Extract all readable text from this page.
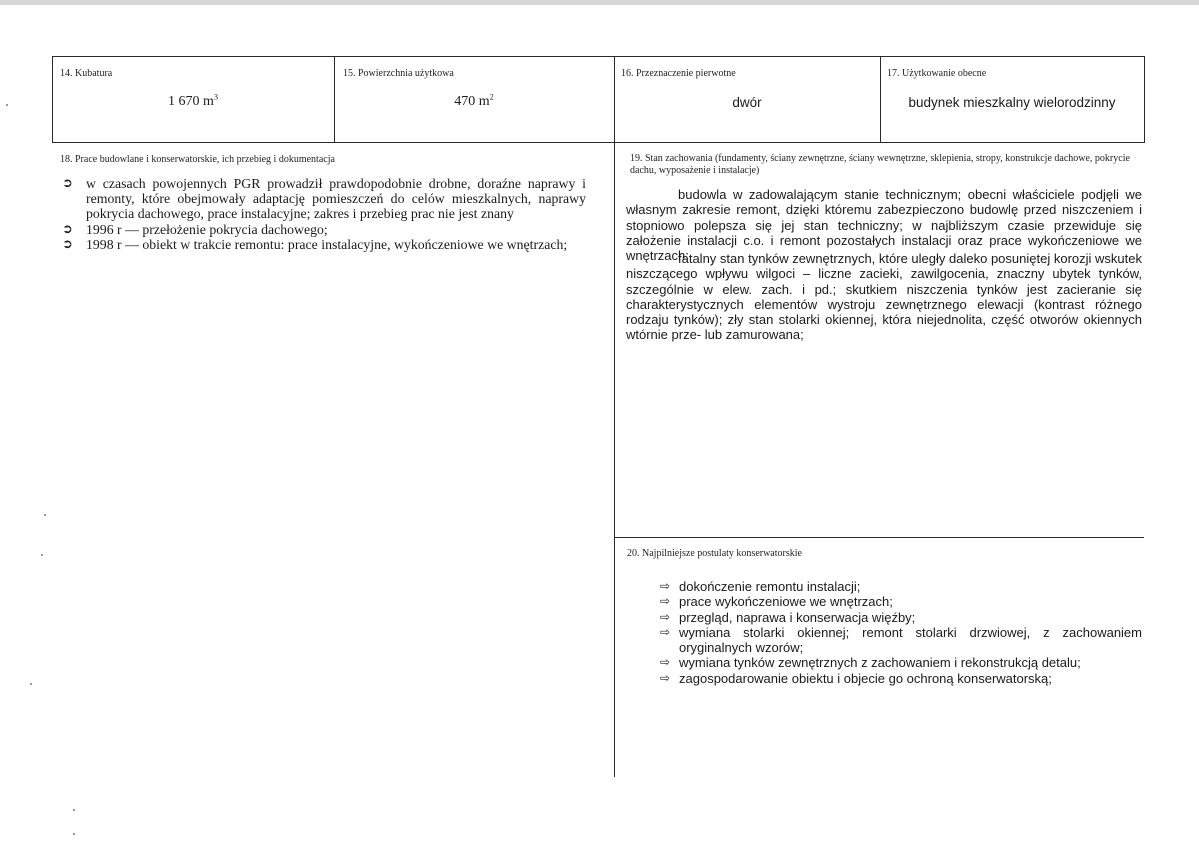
14. Kubatura
1 670 $m^3$
15. Powierzchnia użytkowa
470 $m^2$
16. Przeznaczenie pierwotne
dwór
17. Użytkowanie obecne
budynek mieszkalny wielorodzinny
18. Prace budowlane i konserwatorskie, ich przebieg i dokumentacja
➲ w czasach powojennych PGR prowadził prawdopodobnie drobne, doraźne naprawy i remonty, które obejmowały adaptację pomieszczeń do celów mieszkalnych, naprawy pokrycia dachowego, prace instalacyjne; zakres i przebieg prac nie jest znany
➲ 1996 r — przełożenie pokrycia dachowego;
➲ 1998 r — obiekt w trakcie remontu: prace instalacyjne, wykończeniowe we wnętrzach;
19. Stan zachowania (fundamenty, ściany zewnętrzne, ściany wewnętrzne, sklepienia, stropy, konstrukcje dachowe, pokrycie dachu, wyposażenie i instalacje)

budowla w zadowalającym stanie technicznym; obecni właściciele podjęli we własnym zakresie remont, dzięki któremu zabezpieczono budowlę przed niszczeniem i stopniowo polepsza się jej stan techniczny; w najbliższym czasie przewiduje się założenie instalacji c.o. i remont pozostałych instalacji oraz prace wykończeniowe we wnętrzach;

fatalny stan tynków zewnętrznych, które uległy daleko posuniętej korozji wskutek niszczącego wpływu wilgoci – liczne zacieki, zawilgocenia, znaczny ubytek tynków, szczególnie w elew. zach. i pd.; skutkiem niszczenia tynków jest zacieranie się charakterystycznych elementów wystroju zewnętrznego elewacji (kontrast różnego rodzaju tynków); zły stan stolarki okiennej, która niejednolita, część otworów okiennych wtórnie prze- lub zamurowana;

20. Najpilniejsze postulaty konserwatorskie
⇨ dokończenie remontu instalacji;
⇨ prace wykończeniowe we wnętrzach;
⇨ przegląd, naprawa i konserwacja więźby;
⇨ wymiana stolarki okiennej; remont stolarki drzwiowej, z zachowaniem oryginalnych wzorów;
⇨ wymiana tynków zewnętrznych z zachowaniem i rekonstrukcją detalu;
⇨ zagospodarowanie obiektu i objecie go ochroną konserwatorską;
